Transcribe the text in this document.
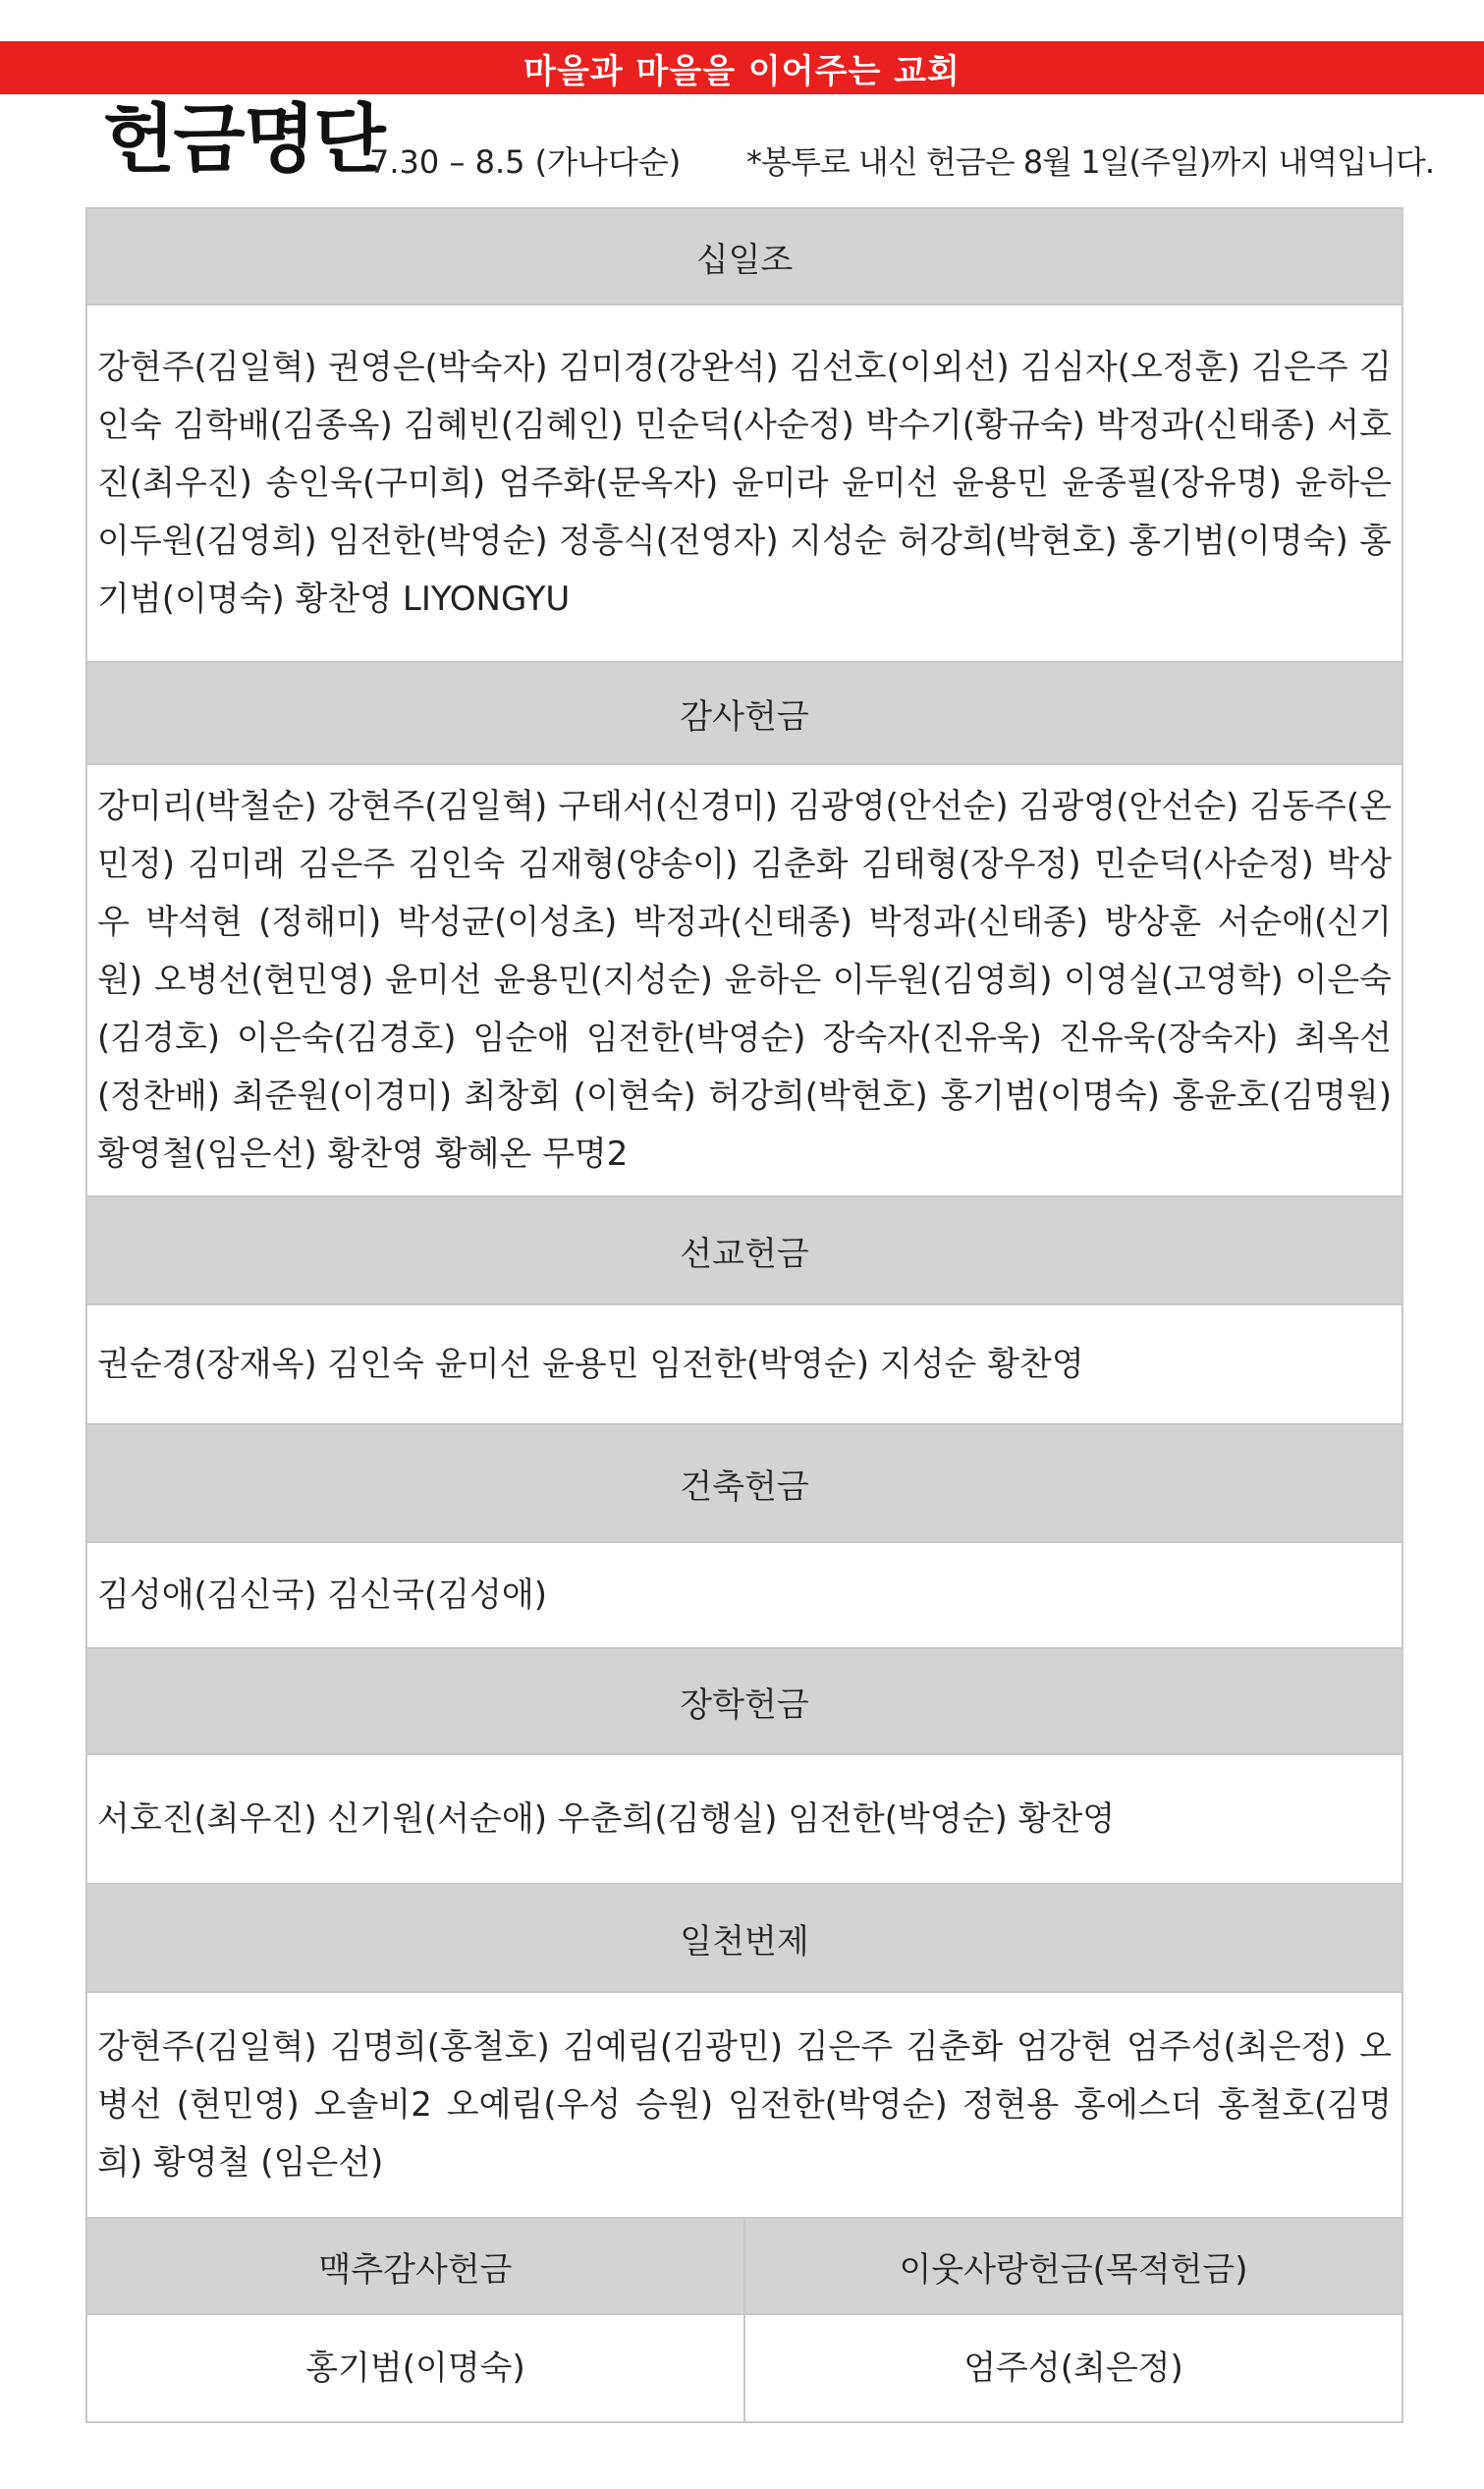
마을과 마을을 이어주는 교회
헌금명단
7.30 – 8.5 (가나다순) *봉투로 내신 헌금은 8월 1일(주일)까지 내역입니다.
십일조
강현주(김일혁) 권영은(박숙자) 김미경(강완석) 김선호(이외선) 김심자(오정훈) 김은주 김인숙 김학배(김종옥) 김혜빈(김혜인) 민순덕(사순정) 박수기(황규숙) 박정과(신태종) 서호진(최우진) 송인욱(구미희) 엄주화(문옥자) 윤미라 윤미선 윤용민 윤종필(장유명) 윤하은 이두원(김영희) 임전한(박영순) 정흥식(전영자) 지성순 허강희(박현호) 홍기범(이명숙) 홍기범(이명숙) 황찬영 LIYONGYU
감사헌금
강미리(박철순) 강현주(김일혁) 구태서(신경미) 김광영(안선순) 김광영(안선순) 김동주(온민정) 김미래 김은주 김인숙 김재형(양송이) 김춘화 김태형(장우정) 민순덕(사순정) 박상우 박석현 (정해미) 박성균(이성초) 박정과(신태종) 박정과(신태종) 방상훈 서순애(신기원) 오병선(현민영) 윤미선 윤용민(지성순) 윤하은 이두원(김영희) 이영실(고영학) 이은숙(김경호) 이은숙(김경호) 임순애 임전한(박영순) 장숙자(진유욱) 진유욱(장숙자) 최옥선(정찬배) 최준원(이경미) 최창회 (이현숙) 허강희(박현호) 홍기범(이명숙) 홍윤호(김명원) 황영철(임은선) 황찬영 황혜온 무명2
선교헌금
권순경(장재옥) 김인숙 윤미선 윤용민 임전한(박영순) 지성순 황찬영
건축헌금
김성애(김신국) 김신국(김성애)
장학헌금
서호진(최우진) 신기원(서순애) 우춘희(김행실) 임전한(박영순) 황찬영
일천번제
강현주(김일혁) 김명희(홍철호) 김예림(김광민) 김은주 김춘화 엄강현 엄주성(최은정) 오병선 (현민영) 오솔비2 오예림(우성 승원) 임전한(박영순) 정현용 홍에스더 홍철호(김명희) 황영철 (임은선)
맥추감사헌금
홍기범(이명숙)
이웃사랑헌금(목적헌금)
엄주성(최은정)
